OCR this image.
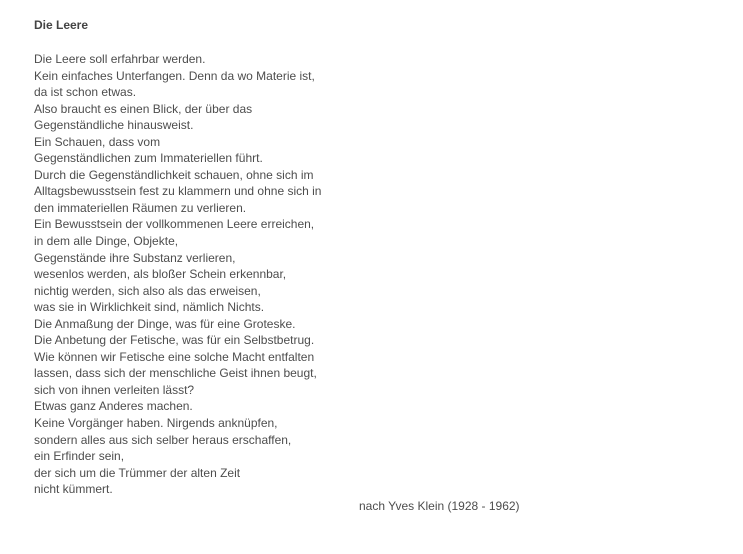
Die Leere
Die Leere soll erfahrbar werden.
Kein einfaches Unterfangen. Denn da wo Materie ist,
da ist schon etwas.
Also braucht es einen Blick, der über das
Gegenständliche hinausweist.
Ein Schauen, dass vom
Gegenständlichen zum Immateriellen führt.
Durch die Gegenständlichkeit schauen, ohne sich im
Alltagsbewusstsein fest zu klammern und ohne sich in
den immateriellen Räumen zu verlieren.
Ein Bewusstsein der vollkommenen Leere erreichen,
in dem alle Dinge, Objekte,
Gegenstände ihre Substanz verlieren,
wesenlos werden, als bloßer Schein erkennbar,
nichtig werden, sich also als das erweisen,
was sie in Wirklichkeit sind, nämlich Nichts.
Die Anmaßung der Dinge, was für eine Groteske.
Die Anbetung der Fetische, was für ein Selbstbetrug.
Wie können wir Fetische eine solche Macht entfalten
lassen, dass sich der menschliche Geist ihnen beugt,
sich von ihnen verleiten lässt?
Etwas ganz Anderes machen.
Keine Vorgänger haben. Nirgends anknüpfen,
sondern alles aus sich selber heraus erschaffen,
ein Erfinder sein,
der sich um die Trümmer der alten Zeit
nicht kümmert.
nach Yves Klein (1928 - 1962)
